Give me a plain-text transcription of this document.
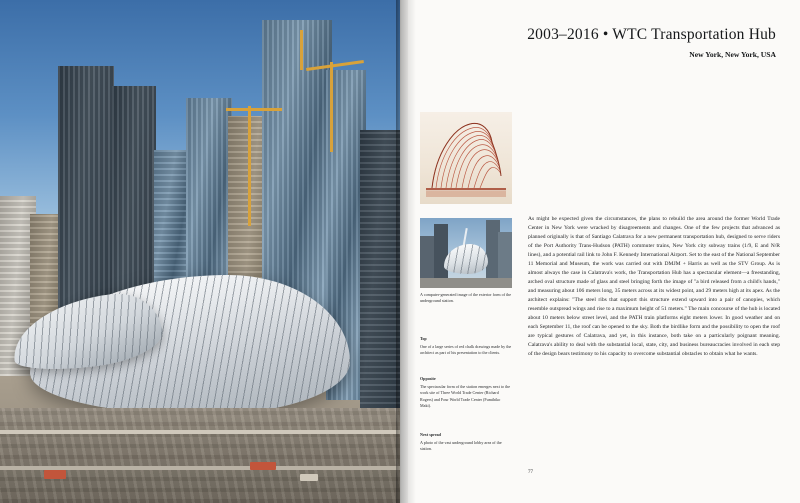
2003–2016 • WTC Transportation Hub
New York, New York, USA
A computer-generated image of the exterior form of the underground station.
Top
One of a large series of red chalk drawings made by the architect as part of his presentation to the clients.
Opposite
The spectacular form of the station emerges next to the work site of Three World Trade Center (Richard Rogers) and Four World Trade Center (Fumihiko Maki).
Next spread
A photo of the vast underground lobby area of the station.
As might be expected given the circumstances, the plans to rebuild the area around the former World Trade Center in New York were wracked by disagreements and changes. One of the few projects that advanced as planned originally is that of Santiago Calatrava for a new permanent transportation hub, designed to serve riders of the Port Authority Trans-Hudson (PATH) commuter trains, New York city subway trains (1/9, E and N/R lines), and a potential rail link to John F. Kennedy International Airport. Set to the east of the National September 11 Memorial and Museum, the work was carried out with DMJM + Harris as well as the STV Group. As is almost always the case in Calatrava's work, the Transportation Hub has a spectacular element—a freestanding, arched oval structure made of glass and steel bringing forth the image of "a bird released from a child's hands," and measuring about 106 meters long, 35 meters across at its widest point, and 29 meters high at its apex. As the architect explains: "The steel ribs that support this structure extend upward into a pair of canopies, which resemble outspread wings and rise to a maximum height of 51 meters." The main concourse of the hub is located about 10 meters below street level, and the PATH train platforms eight meters lower. In good weather and on each September 11, the roof can be opened to the sky. Both the birdlike form and the possibility to open the roof are typical gestures of Calatrava, and yet, in this instance, both take on a particularly poignant meaning. Calatrava's ability to deal with the substantial local, state, city, and business bureaucracies involved in each step of the design bears testimony to his capacity to overcome substantial obstacles to obtain what he wants.
77
